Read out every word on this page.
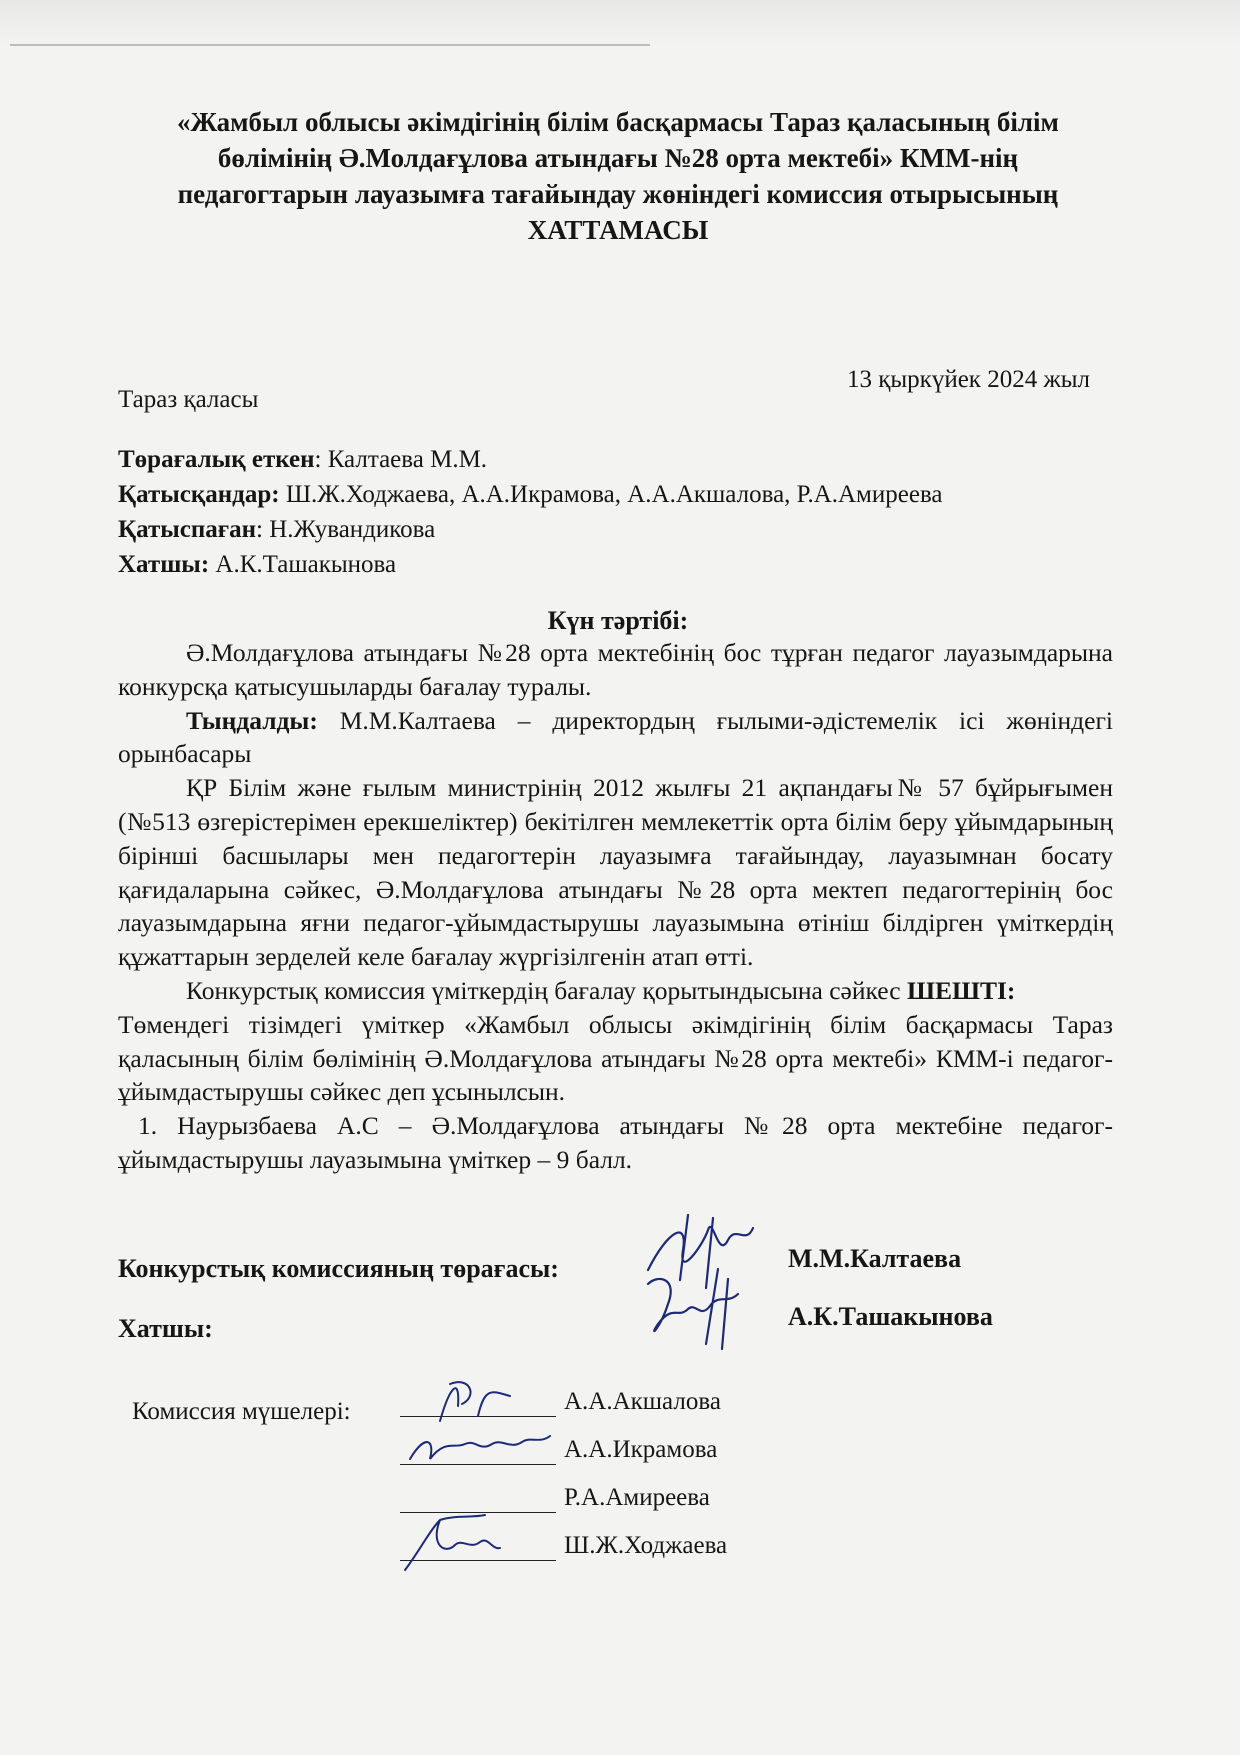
«Жамбыл облысы әкімдігінің білім басқармасы Тараз қаласының білім
бөлімінің Ә.Молдағұлова атындағы №28 орта мектебі» КММ-нің
педагогтарын лауазымға тағайындау жөніндегі комиссия отырысының
ХАТТАМАСЫ
Тараз қаласы
13 қыркүйек 2024 жыл
Төрағалық еткен: Калтаева М.М.
Қатысқандар: Ш.Ж.Ходжаева, А.А.Икрамова, А.А.Акшалова, Р.А.Амиреева
Қатыспаған: Н.Жувандикова
Хатшы: А.К.Ташакынова
Күн тәртібі:

Ә.Молдағұлова атындағы №28 орта мектебінің бос тұрған педагог лауазымдарына конкурсқа қатысушыларды бағалау туралы.

Тыңдалды: М.М.Калтаева – директордың ғылыми-әдістемелік ісі жөніндегі орынбасары

ҚР Білім және ғылым министрінің 2012 жылғы 21 ақпандағы№ 57 бұйрығымен (№513 өзгерістерімен ерекшеліктер) бекітілген мемлекеттік орта білім беру ұйымдарының бірінші басшылары мен педагогтерін лауазымға тағайындау, лауазымнан босату қағидаларына сәйкес, Ә.Молдағұлова атындағы №28 орта мектеп педагогтерінің бос лауазымдарына яғни педагог-ұйымдастырушы лауазымына өтініш білдірген үміткердің құжаттарын зерделей келе бағалау жүргізілгенін атап өтті.

Конкурстық комиссия үміткердің бағалау қорытындысына сәйкес ШЕШТІ:

Төмендегі тізімдегі үміткер «Жамбыл облысы әкімдігінің білім басқармасы Тараз қаласының білім бөлімінің Ә.Молдағұлова атындағы №28 орта мектебі» КММ-і педагог-ұйымдастырушы сәйкес деп ұсынылсын.

1. Наурызбаева А.С – Ә.Молдағұлова атындағы №28 орта мектебіне педагог-ұйымдастырушы лауазымына үміткер – 9 балл.

Конкурстық комиссияның төрағасы:	М.М.Калтаева
Хатшы:	А.К.Ташакынова
Комиссия мүшелері:	А.А.Акшалова
А.А.Икрамова
Р.А.Амиреева
Ш.Ж.Ходжаева
